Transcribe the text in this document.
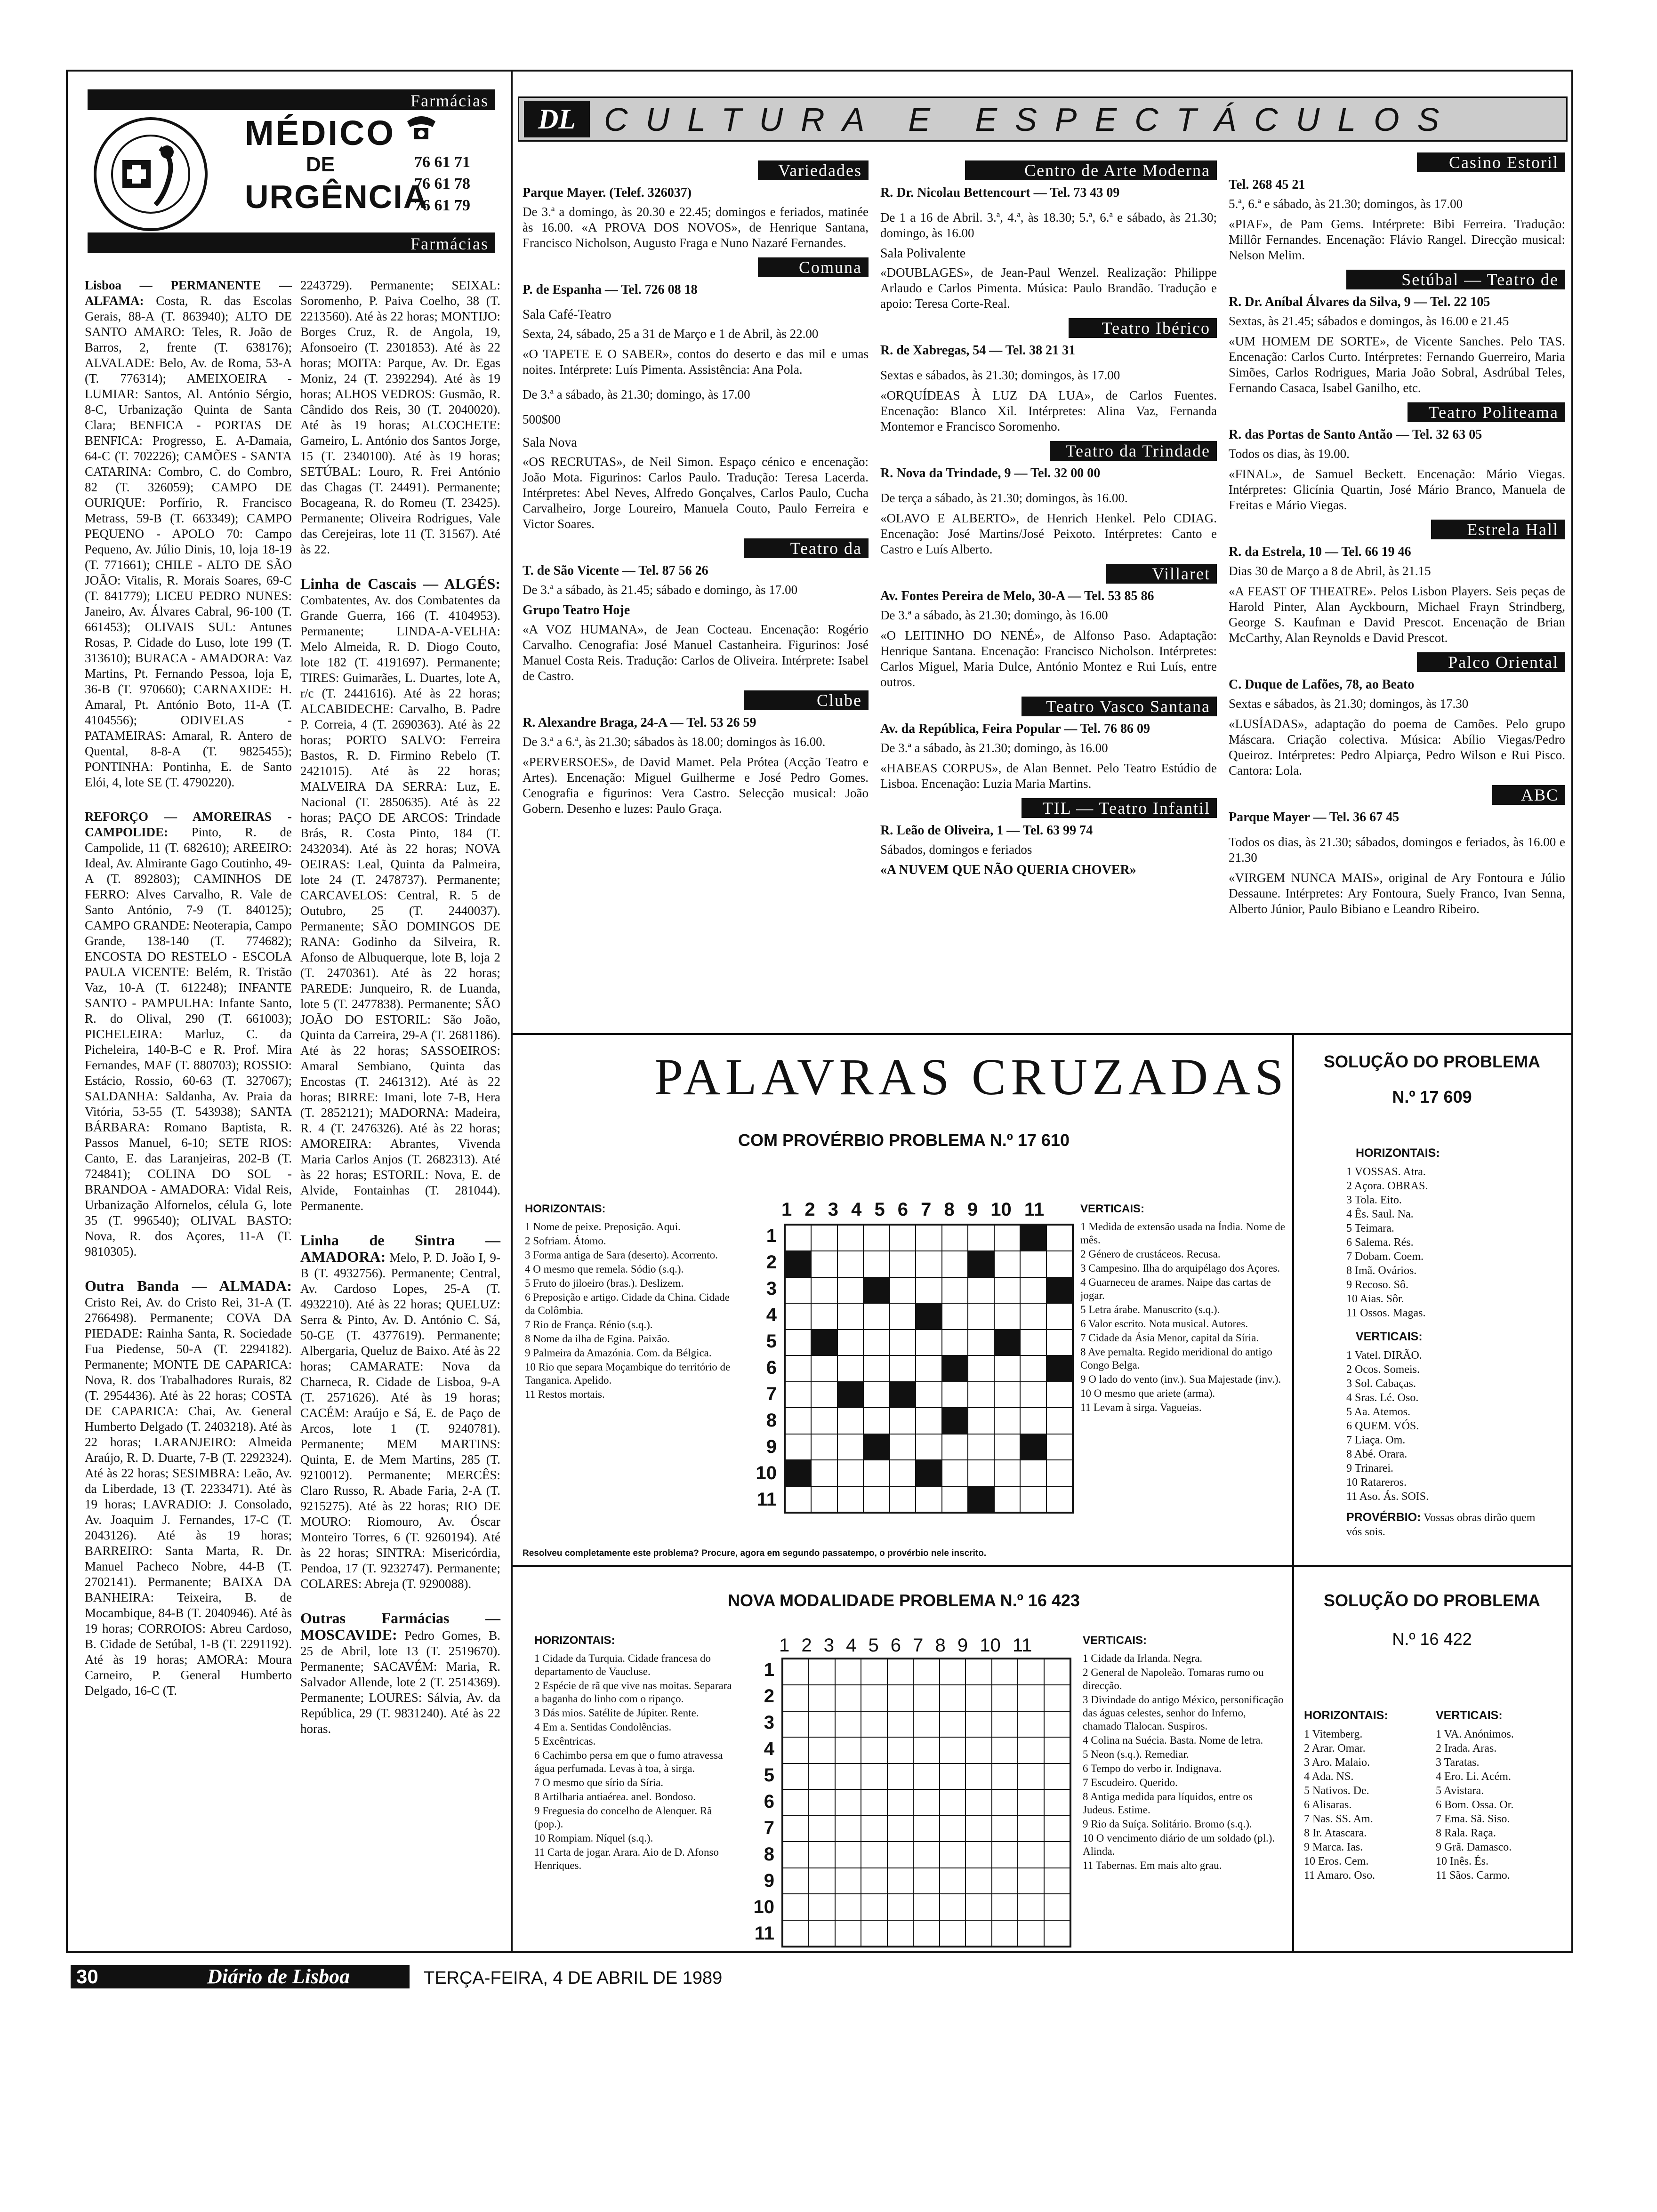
Farmácias
MÉDICO
DE
URGÊNCIA
76 61 71
76 61 78
76 61 79
Farmácias

Lisboa — PERMANENTE — ALFAMA: Costa, R. das Escolas Gerais, 88-A (T. 863940); ALTO DE SANTO AMARO: Teles, R. João de Barros, 2, frente (T. 638176); ALVALADE: Belo, Av. de Roma, 53-A (T. 776314); AMEIXOEIRA - LUMIAR: Santos, Al. António Sérgio, 8-C, Urbanização Quinta de Santa Clara; BENFICA - PORTAS DE BENFICA: Progresso, E. A-Damaia, 64-C (T. 702226); CAMÕES - SANTA CATARINA: Combro, C. do Combro, 82 (T. 326059); CAMPO DE OURIQUE: Porfírio, R. Francisco Metrass, 59-B (T. 663349); CAMPO PEQUENO - APOLO 70: Campo Pequeno, Av. Júlio Dinis, 10, loja 18-19 (T. 771661); CHILE - ALTO DE SÃO JOÃO: Vitalis, R. Morais Soares, 69-C (T. 841779); LICEU PEDRO NUNES: Janeiro, Av. Álvares Cabral, 96-100 (T. 661453); OLIVAIS SUL: Antunes Rosas, P. Cidade do Luso, lote 199 (T. 313610); BURACA - AMADORA: Vaz Martins, Pt. Fernando Pessoa, loja E, 36-B (T. 970660); CARNAXIDE: H. Amaral, Pt. António Boto, 11-A (T. 4104556); ODIVELAS - PATAMEIRAS: Amaral, R. Antero de Quental, 8-8-A (T. 9825455); PONTINHA: Pontinha, E. de Santo Elói, 4, lote SE (T. 4790220).

REFORÇO — AMOREIRAS - CAMPOLIDE: Pinto, R. de Campolide, 11 (T. 682610); AREEIRO: Ideal, Av. Almirante Gago Coutinho, 49-A (T. 892803); CAMINHOS DE FERRO: Alves Carvalho, R. Vale de Santo António, 7-9 (T. 840125); CAMPO GRANDE: Neoterapia, Campo Grande, 138-140 (T. 774682); ENCOSTA DO RESTELO - ESCOLA PAULA VICENTE: Belém, R. Tristão Vaz, 10-A (T. 612248); INFANTE SANTO - PAMPULHA: Infante Santo, R. do Olival, 290 (T. 661003); PICHELEIRA: Marluz, C. da Picheleira, 140-B-C e R. Prof. Mira Fernandes, MAF (T. 880703); ROSSIO: Estácio, Rossio, 60-63 (T. 327067); SALDANHA: Saldanha, Av. Praia da Vitória, 53-55 (T. 543938); SANTA BÁRBARA: Romano Baptista, R. Passos Manuel, 6-10; SETE RIOS: Canto, E. das Laranjeiras, 202-B (T. 724841); COLINA DO SOL - BRANDOA - AMADORA: Vidal Reis, Urbanização Alfornelos, célula G, lote 35 (T. 996540); OLIVAL BASTO: Nova, R. dos Açores, 11-A (T. 9810305).

Outra Banda — ALMADA: Cristo Rei, Av. do Cristo Rei, 31-A (T. 2766498). Permanente; COVA DA PIEDADE: Rainha Santa, R. Sociedade Fua Piedense, 50-A (T. 2294182). Permanente; MONTE DE CAPARICA: Nova, R. dos Trabalhadores Rurais, 82 (T. 2954436). Até às 22 horas; COSTA DE CAPARICA: Chai, Av. General Humberto Delgado (T. 2403218). Até às 22 horas; LARANJEIRO: Almeida Araújo, R. D. Duarte, 7-B (T. 2292324). Até às 22 horas; SESIMBRA: Leão, Av. da Liberdade, 13 (T. 2233471). Até às 19 horas; LAVRADIO: J. Consolado, Av. Joaquim J. Fernandes, 17-C (T. 2043126). Até às 19 horas; BARREIRO: Santa Marta, R. Dr. Manuel Pacheco Nobre, 44-B (T. 2702141). Permanente; BAIXA DA BANHEIRA: Teixeira, B. de Mocambique, 84-B (T. 2040946). Até às 19 horas; CORROIOS: Abreu Cardoso, B. Cidade de Setúbal, 1-B (T. 2291192). Até às 19 horas; AMORA: Moura Carneiro, P. General Humberto Delgado, 16-C (T.

2243729). Permanente; SEIXAL: Soromenho, P. Paiva Coelho, 38 (T. 2213560). Até às 22 horas; MONTIJO: Borges Cruz, R. de Angola, 19, Afonsoeiro (T. 2301853). Até às 22 horas; MOITA: Parque, Av. Dr. Egas Moniz, 24 (T. 2392294). Até às 19 horas; ALHOS VEDROS: Gusmão, R. Cândido dos Reis, 30 (T. 2040020). Até às 19 horas; ALCOCHETE: Gameiro, L. António dos Santos Jorge, 15 (T. 2340100). Até às 19 horas; SETÚBAL: Louro, R. Frei António das Chagas (T. 24491). Permanente; Bocageana, R. do Romeu (T. 23425). Permanente; Oliveira Rodrigues, Vale das Cerejeiras, lote 11 (T. 31567). Até às 22.

Linha de Cascais — ALGÉS: Combatentes, Av. dos Combatentes da Grande Guerra, 166 (T. 4104953). Permanente; LINDA-A-VELHA: Melo Almeida, R. D. Diogo Couto, lote 182 (T. 4191697). Permanente; TIRES: Guimarães, L. Duartes, lote A, r/c (T. 2441616). Até às 22 horas; ALCABIDECHE: Carvalho, B. Padre P. Correia, 4 (T. 2690363). Até às 22 horas; PORTO SALVO: Ferreira Bastos, R. D. Firmino Rebelo (T. 2421015). Até às 22 horas; MALVEIRA DA SERRA: Luz, E. Nacional (T. 2850635). Até às 22 horas; PAÇO DE ARCOS: Trindade Brás, R. Costa Pinto, 184 (T. 2432034). Até às 22 horas; NOVA OEIRAS: Leal, Quinta da Palmeira, lote 24 (T. 2478737). Permanente; CARCAVELOS: Central, R. 5 de Outubro, 25 (T. 2440037). Permanente; SÃO DOMINGOS DE RANA: Godinho da Silveira, R. Afonso de Albuquerque, lote B, loja 2 (T. 2470361). Até às 22 horas; PAREDE: Junqueiro, R. de Luanda, lote 5 (T. 2477838). Permanente; SÃO JOÃO DO ESTORIL: São João, Quinta da Carreira, 29-A (T. 2681186). Até às 22 horas; SASSOEIROS: Amaral Sembiano, Quinta das Encostas (T. 2461312). Até às 22 horas; BIRRE: Imani, lote 7-B, Hera (T. 2852121); MADORNA: Madeira, R. 4 (T. 2476326). Até às 22 horas; AMOREIRA: Abrantes, Vivenda Maria Carlos Anjos (T. 2682313). Até às 22 horas; ESTORIL: Nova, E. de Alvide, Fontainhas (T. 281044). Permanente.

Linha de Sintra — AMADORA: Melo, P. D. João I, 9-B (T. 4932756). Permanente; Central, Av. Cardoso Lopes, 25-A (T. 4932210). Até às 22 horas; QUELUZ: Serra & Pinto, Av. D. António C. Sá, 50-GE (T. 4377619). Permanente; Albergaria, Queluz de Baixo. Até às 22 horas; CAMARATE: Nova da Charneca, R. Cidade de Lisboa, 9-A (T. 2571626). Até às 19 horas; CACÉM: Araújo e Sá, E. de Paço de Arcos, lote 1 (T. 9240781). Permanente; MEM MARTINS: Quinta, E. de Mem Martins, 285 (T. 9210012). Permanente; MERCÊS: Claro Russo, R. Abade Faria, 2-A (T. 9215275). Até às 22 horas; RIO DE MOURO: Riomouro, Av. Óscar Monteiro Torres, 6 (T. 9260194). Até às 22 horas; SINTRA: Misericórdia, Pendoa, 17 (T. 9232747). Permanente; COLARES: Abreja (T. 9290088).

Outras Farmácias — MOSCAVIDE: Pedro Gomes, B. 25 de Abril, lote 13 (T. 2519670). Permanente; SACAVÉM: Maria, R. Salvador Allende, lote 2 (T. 2514369). Permanente; LOURES: Sálvia, Av. da República, 29 (T. 9831240). Até às 22 horas.

DL CULTURA E ESPECTÁCULOS
Variedades
Parque Mayer. (Telef. 326037)
De 3.ª a domingo, às 20.30 e 22.45; domingos e feriados, matinée às 16.00. «A PROVA DOS NOVOS», de Henrique Santana, Francisco Nicholson, Augusto Fraga e Nuno Nazaré Fernandes.
Comuna
P. de Espanha — Tel. 726 08 18
Sala Café-Teatro
Sexta, 24, sábado, 25 a 31 de Março e 1 de Abril, às 22.00
«O TAPETE E O SABER», contos do deserto e das mil e umas noites. Intérprete: Luís Pimenta. Assistência: Ana Pola.
De 3.ª a sábado, às 21.30; domingo, às 17.00
500$00
Sala Nova
«OS RECRUTAS», de Neil Simon. Espaço cénico e encenação: João Mota. Figurinos: Carlos Paulo. Tradução: Teresa Lacerda. Intérpretes: Abel Neves, Alfredo Gonçalves, Carlos Paulo, Cucha Carvalheiro, Jorge Loureiro, Manuela Couto, Paulo Ferreira e Victor Soares.
Teatro da Graça
T. de São Vicente — Tel. 87 56 26
De 3.ª a sábado, às 21.45; sábado e domingo, às 17.00
Grupo Teatro Hoje
«A VOZ HUMANA», de Jean Cocteau. Encenação: Rogério Carvalho. Cenografia: José Manuel Castanheira. Figurinos: José Manuel Costa Reis. Tradução: Carlos de Oliveira. Intérprete: Isabel de Castro.
Clube Estefânia
R. Alexandre Braga, 24-A — Tel. 53 26 59
De 3.ª a 6.ª, às 21.30; sábados às 18.00; domingos às 16.00.
«PERVERSOES», de David Mamet. Pela Prótea (Acção Teatro e Artes). Encenação: Miguel Guilherme e José Pedro Gomes. Cenografia e figurinos: Vera Castro. Selecção musical: João Gobern. Desenho e luzes: Paulo Graça.
Centro de Arte Moderna
R. Dr. Nicolau Bettencourt — Tel. 73 43 09
De 1 a 16 de Abril. 3.ª, 4.ª, às 18.30; 5.ª, 6.ª e sábado, às 21.30; domingo, às 16.00
Sala Polivalente
«DOUBLAGES», de Jean-Paul Wenzel. Realização: Philippe Arlaudo e Carlos Pimenta. Música: Paulo Brandão. Tradução e apoio: Teresa Corte-Real.
Teatro Ibérico
R. de Xabregas, 54 — Tel. 38 21 31
Sextas e sábados, às 21.30; domingos, às 17.00
«ORQUÍDEAS À LUZ DA LUA», de Carlos Fuentes. Encenação: Blanco Xil. Intérpretes: Alina Vaz, Fernanda Montemor e Francisco Soromenho.
Teatro da Trindade
R. Nova da Trindade, 9 — Tel. 32 00 00
De terça a sábado, às 21.30; domingos, às 16.00.
«OLAVO E ALBERTO», de Henrich Henkel. Pelo CDIAG. Encenação: José Martins/José Peixoto. Intérpretes: Canto e Castro e Luís Alberto.
Villaret
Av. Fontes Pereira de Melo, 30-A — Tel. 53 85 86
De 3.ª a sábado, às 21.30; domingo, às 16.00
«O LEITINHO DO NENÉ», de Alfonso Paso. Adaptação: Henrique Santana. Encenação: Francisco Nicholson. Intérpretes: Carlos Miguel, Maria Dulce, António Montez e Rui Luís, entre outros.
Teatro Vasco Santana
Av. da República, Feira Popular — Tel. 76 86 09
De 3.ª a sábado, às 21.30; domingo, às 16.00
«HABEAS CORPUS», de Alan Bennet. Pelo Teatro Estúdio de Lisboa. Encenação: Luzia Maria Martins.
TIL — Teatro Infantil
R. Leão de Oliveira, 1 — Tel. 63 99 74
Sábados, domingos e feriados
«A NUVEM QUE NÃO QUERIA CHOVER»
Casino Estoril
Tel. 268 45 21
5.ª, 6.ª e sábado, às 21.30; domingos, às 17.00
«PIAF», de Pam Gems. Intérprete: Bibi Ferreira. Tradução: Millôr Fernandes. Encenação: Flávio Rangel. Direcção musical: Nelson Melim.
Setúbal — Teatro de Bolso
R. Dr. Aníbal Álvares da Silva, 9 — Tel. 22 105
Sextas, às 21.45; sábados e domingos, às 16.00 e 21.45
«UM HOMEM DE SORTE», de Vicente Sanches. Pelo TAS. Encenação: Carlos Curto. Intérpretes: Fernando Guerreiro, Maria Simões, Carlos Rodrigues, Maria João Sobral, Asdrúbal Teles, Fernando Casaca, Isabel Ganilho, etc.
Teatro Politeama
R. das Portas de Santo Antão — Tel. 32 63 05
Todos os dias, às 19.00.
«FINAL», de Samuel Beckett. Encenação: Mário Viegas. Intérpretes: Glicínia Quartin, José Mário Branco, Manuela de Freitas e Mário Viegas.
Estrela Hall
R. da Estrela, 10 — Tel. 66 19 46
Dias 30 de Março a 8 de Abril, às 21.15
«A FEAST OF THEATRE». Pelos Lisbon Players. Seis peças de Harold Pinter, Alan Ayckbourn, Michael Frayn Strindberg, George S. Kaufman e David Prescot. Encenação de Brian McCarthy, Alan Reynolds e David Prescot.
Palco Oriental
C. Duque de Lafões, 78, ao Beato
Sextas e sábados, às 21.30; domingos, às 17.30
«LUSÍADAS», adaptação do poema de Camões. Pelo grupo Máscara. Criação colectiva. Música: Abílio Viegas/Pedro Queiroz. Intérpretes: Pedro Alpiarça, Pedro Wilson e Rui Pisco. Cantora: Lola.
ABC
Parque Mayer — Tel. 36 67 45
Todos os dias, às 21.30; sábados, domingos e feriados, às 16.00 e 21.30
«VIRGEM NUNCA MAIS», original de Ary Fontoura e Júlio Dessaune. Intérpretes: Ary Fontoura, Suely Franco, Ivan Senna, Alberto Júnior, Paulo Bibiano e Leandro Ribeiro.
PALAVRAS CRUZADAS
COM PROVÉRBIO PROBLEMA N.º 17 610
HORIZONTAIS:
1 Nome de peixe. Preposição. Aqui.
2 Sofriam. Átomo.
3 Forma antiga de Sara (deserto). Acorrento.
4 O mesmo que remela. Sódio (s.q.).
5 Fruto do jiloeiro (bras.). Deslizem.
6 Preposição e artigo. Cidade da China. Cidade da Colômbia.
7 Rio de França. Rénio (s.q.).
8 Nome da ilha de Egina. Paixão.
9 Palmeira da Amazónia. Com. da Bélgica.
10 Rio que separa Moçambique do território de Tanganica. Apelido.
11 Restos mortais.
1 2 3 4 5 6 7 8 9 10 11
1
2
3
4
5
6
7
8
9
10
11
VERTICAIS:
1 Medida de extensão usada na Índia. Nome de mês.
2 Género de crustáceos. Recusa.
3 Campesino. Ilha do arquipélago dos Açores.
4 Guarneceu de arames. Naipe das cartas de jogar.
5 Letra árabe. Manuscrito (s.q.).
6 Valor escrito. Nota musical. Autores.
7 Cidade da Ásia Menor, capital da Síria.
8 Ave pernalta. Regido meridional do antigo Congo Belga.
9 O lado do vento (inv.). Sua Majestade (inv.).
10 O mesmo que ariete (arma).
11 Levam à sirga. Vagueias.
Resolveu completamente este problema? Procure, agora em segundo passatempo, o provérbio nele inscrito.
SOLUÇÃO DO PROBLEMA
N.º 17 609
HORIZONTAIS:
1 VOSSAS. Atra.
2 Açora. OBRAS.
3 Tola. Eito.
4 Ês. Saul. Na.
5 Teimara.
6 Salema. Rés.
7 Dobam. Coem.
8 Imã. Ovários.
9 Recoso. Sô.
10 Aias. Sôr.
11 Ossos. Magas.
VERTICAIS:
1 Vatel. DIRÃO.
2 Ocos. Someis.
3 Sol. Cabaças.
4 Sras. Lé. Oso.
5 Aa. Atemos.
6 QUEM. VÓS.
7 Liaça. Om.
8 Abé. Orara.
9 Trinarei.
10 Ratareros.
11 Aso. Ás. SOIS.
PROVÉRBIO: Vossas obras dirão quem vós sois.
NOVA MODALIDADE PROBLEMA N.º 16 423
HORIZONTAIS:
1 Cidade da Turquia. Cidade francesa do departamento de Vaucluse.
2 Espécie de rã que vive nas moitas. Separara a baganha do linho com o ripanço.
3 Dás mios. Satélite de Júpiter. Rente.
4 Em a. Sentidas Condolências.
5 Excêntricas.
6 Cachimbo persa em que o fumo atravessa água perfumada. Levas à toa, à sirga.
7 O mesmo que sírio da Síria.
8 Artilharia antiaérea. anel. Bondoso.
9 Freguesia do concelho de Alenquer. Rã (pop.).
10 Rompiam. Níquel (s.q.).
11 Carta de jogar. Arara. Aio de D. Afonso Henriques.
1 2 3 4 5 6 7 8 9 10 11
1
2
3
4
5
6
7
8
9
10
11
VERTICAIS:
1 Cidade da Irlanda. Negra.
2 General de Napoleão. Tomaras rumo ou direcção.
3 Divindade do antigo México, personificação das águas celestes, senhor do Inferno, chamado Tlalocan. Suspiros.
4 Colina na Suécia. Basta. Nome de letra.
5 Neon (s.q.). Remediar.
6 Tempo do verbo ir. Indignava.
7 Escudeiro. Querido.
8 Antiga medida para líquidos, entre os Judeus. Estime.
9 Rio da Suíça. Solitário. Bromo (s.q.).
10 O vencimento diário de um soldado (pl.). Alinda.
11 Tabernas. Em mais alto grau.
SOLUÇÃO DO PROBLEMA
N.º 16 422
HORIZONTAIS:
1 Vitemberg.
2 Arar. Omar.
3 Aro. Malaio.
4 Ada. NS.
5 Nativos. De.
6 Alisaras.
7 Nas. SS. Am.
8 Ir. Atascara.
9 Marca. Ias.
10 Eros. Cem.
11 Amaro. Oso.
VERTICAIS:
1 VA. Anónimos.
2 Irada. Aras.
3 Taratas.
4 Ero. Li. Acém.
5 Avistara.
6 Bom. Ossa. Or.
7 Ema. Sã. Siso.
8 Rala. Raça.
9 Grã. Damasco.
10 Inês. És.
11 Sãos. Carmo.
30	Diário de Lisboa	TERÇA-FEIRA, 4 DE ABRIL DE 1989
